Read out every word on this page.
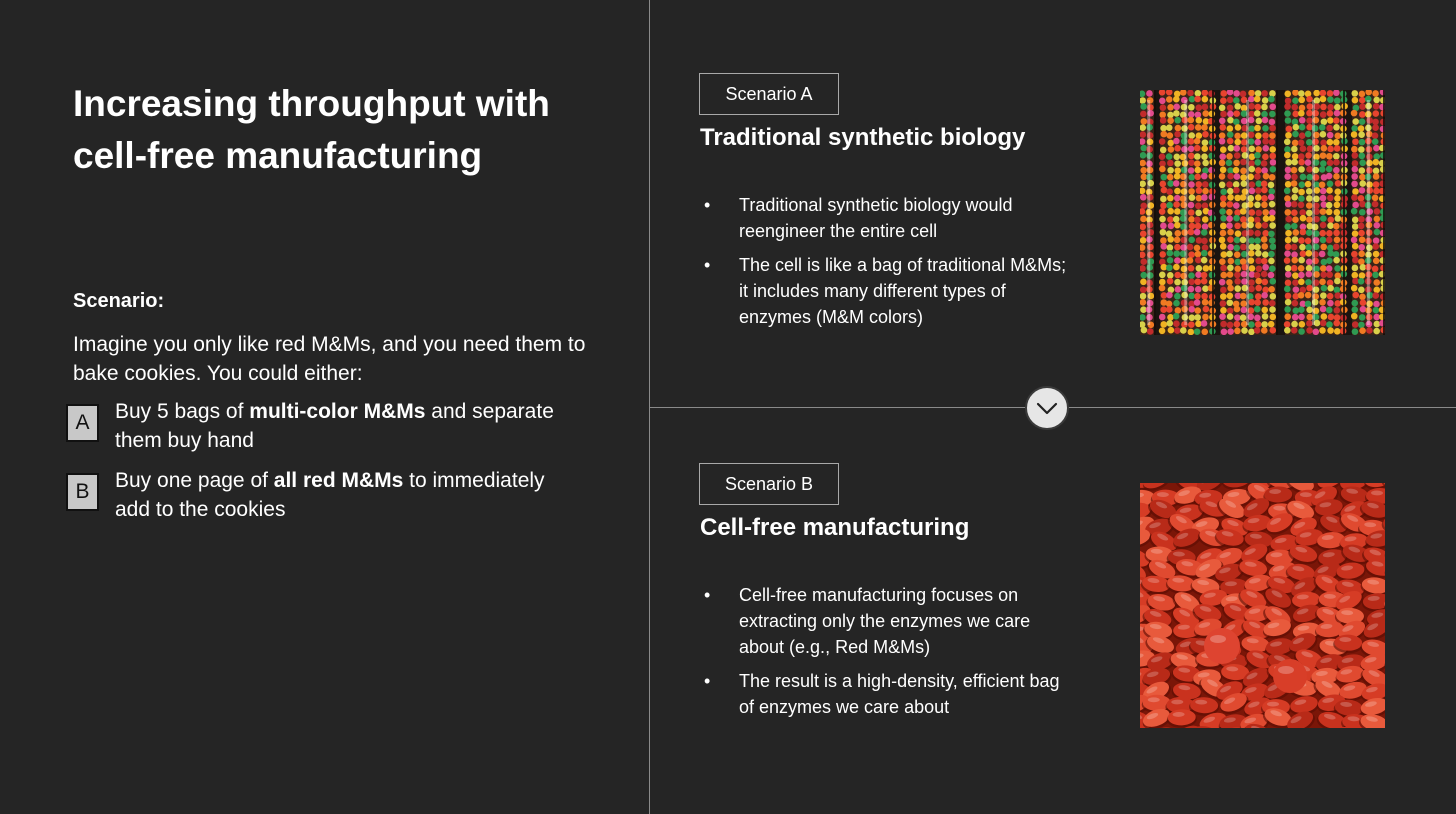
Increasing throughput with cell-free manufacturing
Scenario:

Imagine you only like red M&Ms, and you need them to bake cookies. You could either:

A	Buy 5 bags of multi-color M&Ms and separate them buy hand
B	Buy one page of all red M&Ms to immediately add to the cookies
Scenario A
Traditional synthetic biology
• Traditional synthetic biology would reengineer the entire cell
• The cell is like a bag of traditional M&Ms; it includes many different types of enzymes (M&M colors)
Scenario B
Cell-free manufacturing
• Cell-free manufacturing focuses on extracting only the enzymes we care about (e.g., Red M&Ms)
• The result is a high-density, efficient bag of enzymes we care about
